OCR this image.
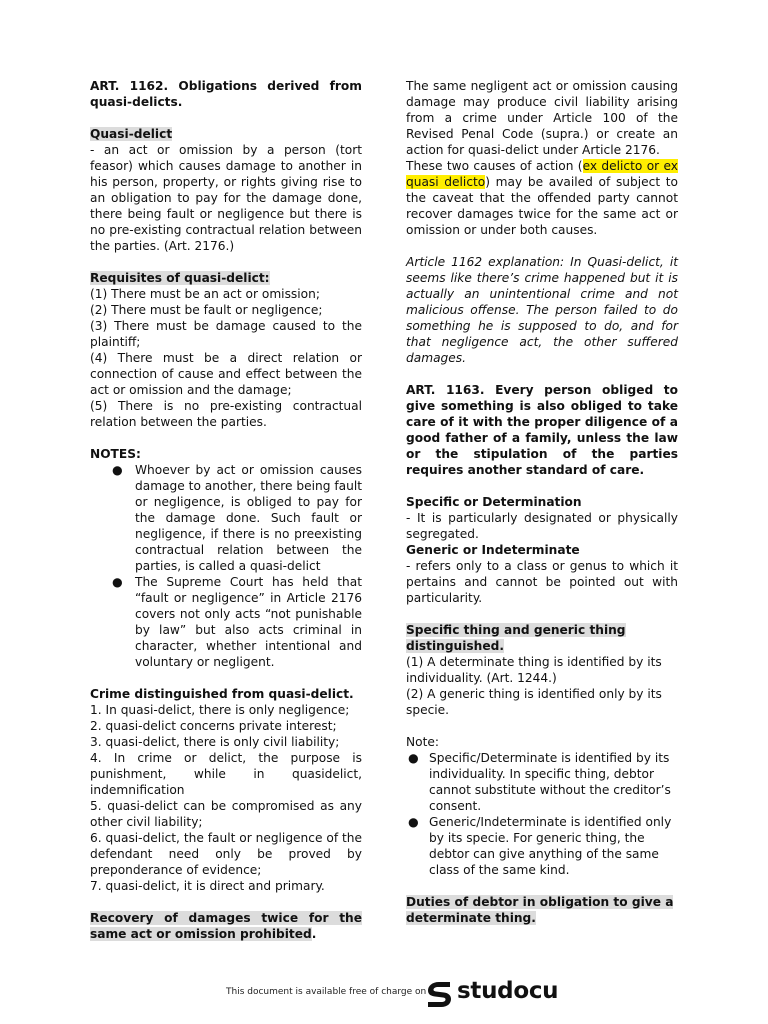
ART. 1162. Obligations derived from quasi-delicts.

Quasi-delict

- an act or omission by a person (tort feasor) which causes damage to another in his person, property, or rights giving rise to an obligation to pay for the damage done, there being fault or negligence but there is no pre-existing contractual relation between the parties. (Art. 2176.)

Requisites of quasi-delict:

(1) There must be an act or omission;

(2) There must be fault or negligence;

(3) There must be damage caused to the plaintiff;

(4) There must be a direct relation or connection of cause and effect between the act or omission and the damage;

(5) There is no pre-existing contractual relation between the parties.

NOTES:

● Whoever by act or omission causes damage to another, there being fault or negligence, is obliged to pay for the damage done. Such fault or negligence, if there is no preexisting contractual relation between the parties, is called a quasi-delict
● The Supreme Court has held that “fault or negligence” in Article 2176 covers not only acts “not punishable by law” but also acts criminal in character, whether intentional and voluntary or negligent.

Crime distinguished from quasi-delict.

1. In quasi-delict, there is only negligence;

2. quasi-delict concerns private interest;

3. quasi-delict, there is only civil liability;

4. In crime or delict, the purpose is punishment, while in quasidelict, indemnification

5. quasi-delict can be compromised as any other civil liability;

6. quasi-delict, the fault or negligence of the defendant need only be proved by preponderance of evidence;

7. quasi-delict, it is direct and primary.

Recovery of damages twice for the same act or omission prohibited.

The same negligent act or omission causing damage may produce civil liability arising from a crime under Article 100 of the Revised Penal Code (supra.) or create an action for quasi-delict under Article 2176.

These two causes of action (ex delicto or ex quasi delicto) may be availed of subject to the caveat that the offended party cannot recover damages twice for the same act or omission or under both causes.

Article 1162 explanation: In Quasi-delict, it seems like there’s crime happened but it is actually an unintentional crime and not malicious offense. The person failed to do something he is supposed to do, and for that negligence act, the other suffered damages.

ART. 1163. Every person obliged to give something is also obliged to take care of it with the proper diligence of a good father of a family, unless the law or the stipulation of the parties requires another standard of care.

Specific or Determination

- It is particularly designated or physically segregated.

Generic or Indeterminate

- refers only to a class or genus to which it pertains and cannot be pointed out with particularity.

Specific thing and generic thing distinguished.

(1) A determinate thing is identified by its individuality. (Art. 1244.)

(2) A generic thing is identified only by its specie.

Note:

● Specific/Determinate is identified by its individuality. In specific thing, debtor cannot substitute without the creditor’s consent.
● Generic/Indeterminate is identified only by its specie. For generic thing, the debtor can give anything of the same class of the same kind.

Duties of debtor in obligation to give a determinate thing.

This document is available free of charge on studocu
